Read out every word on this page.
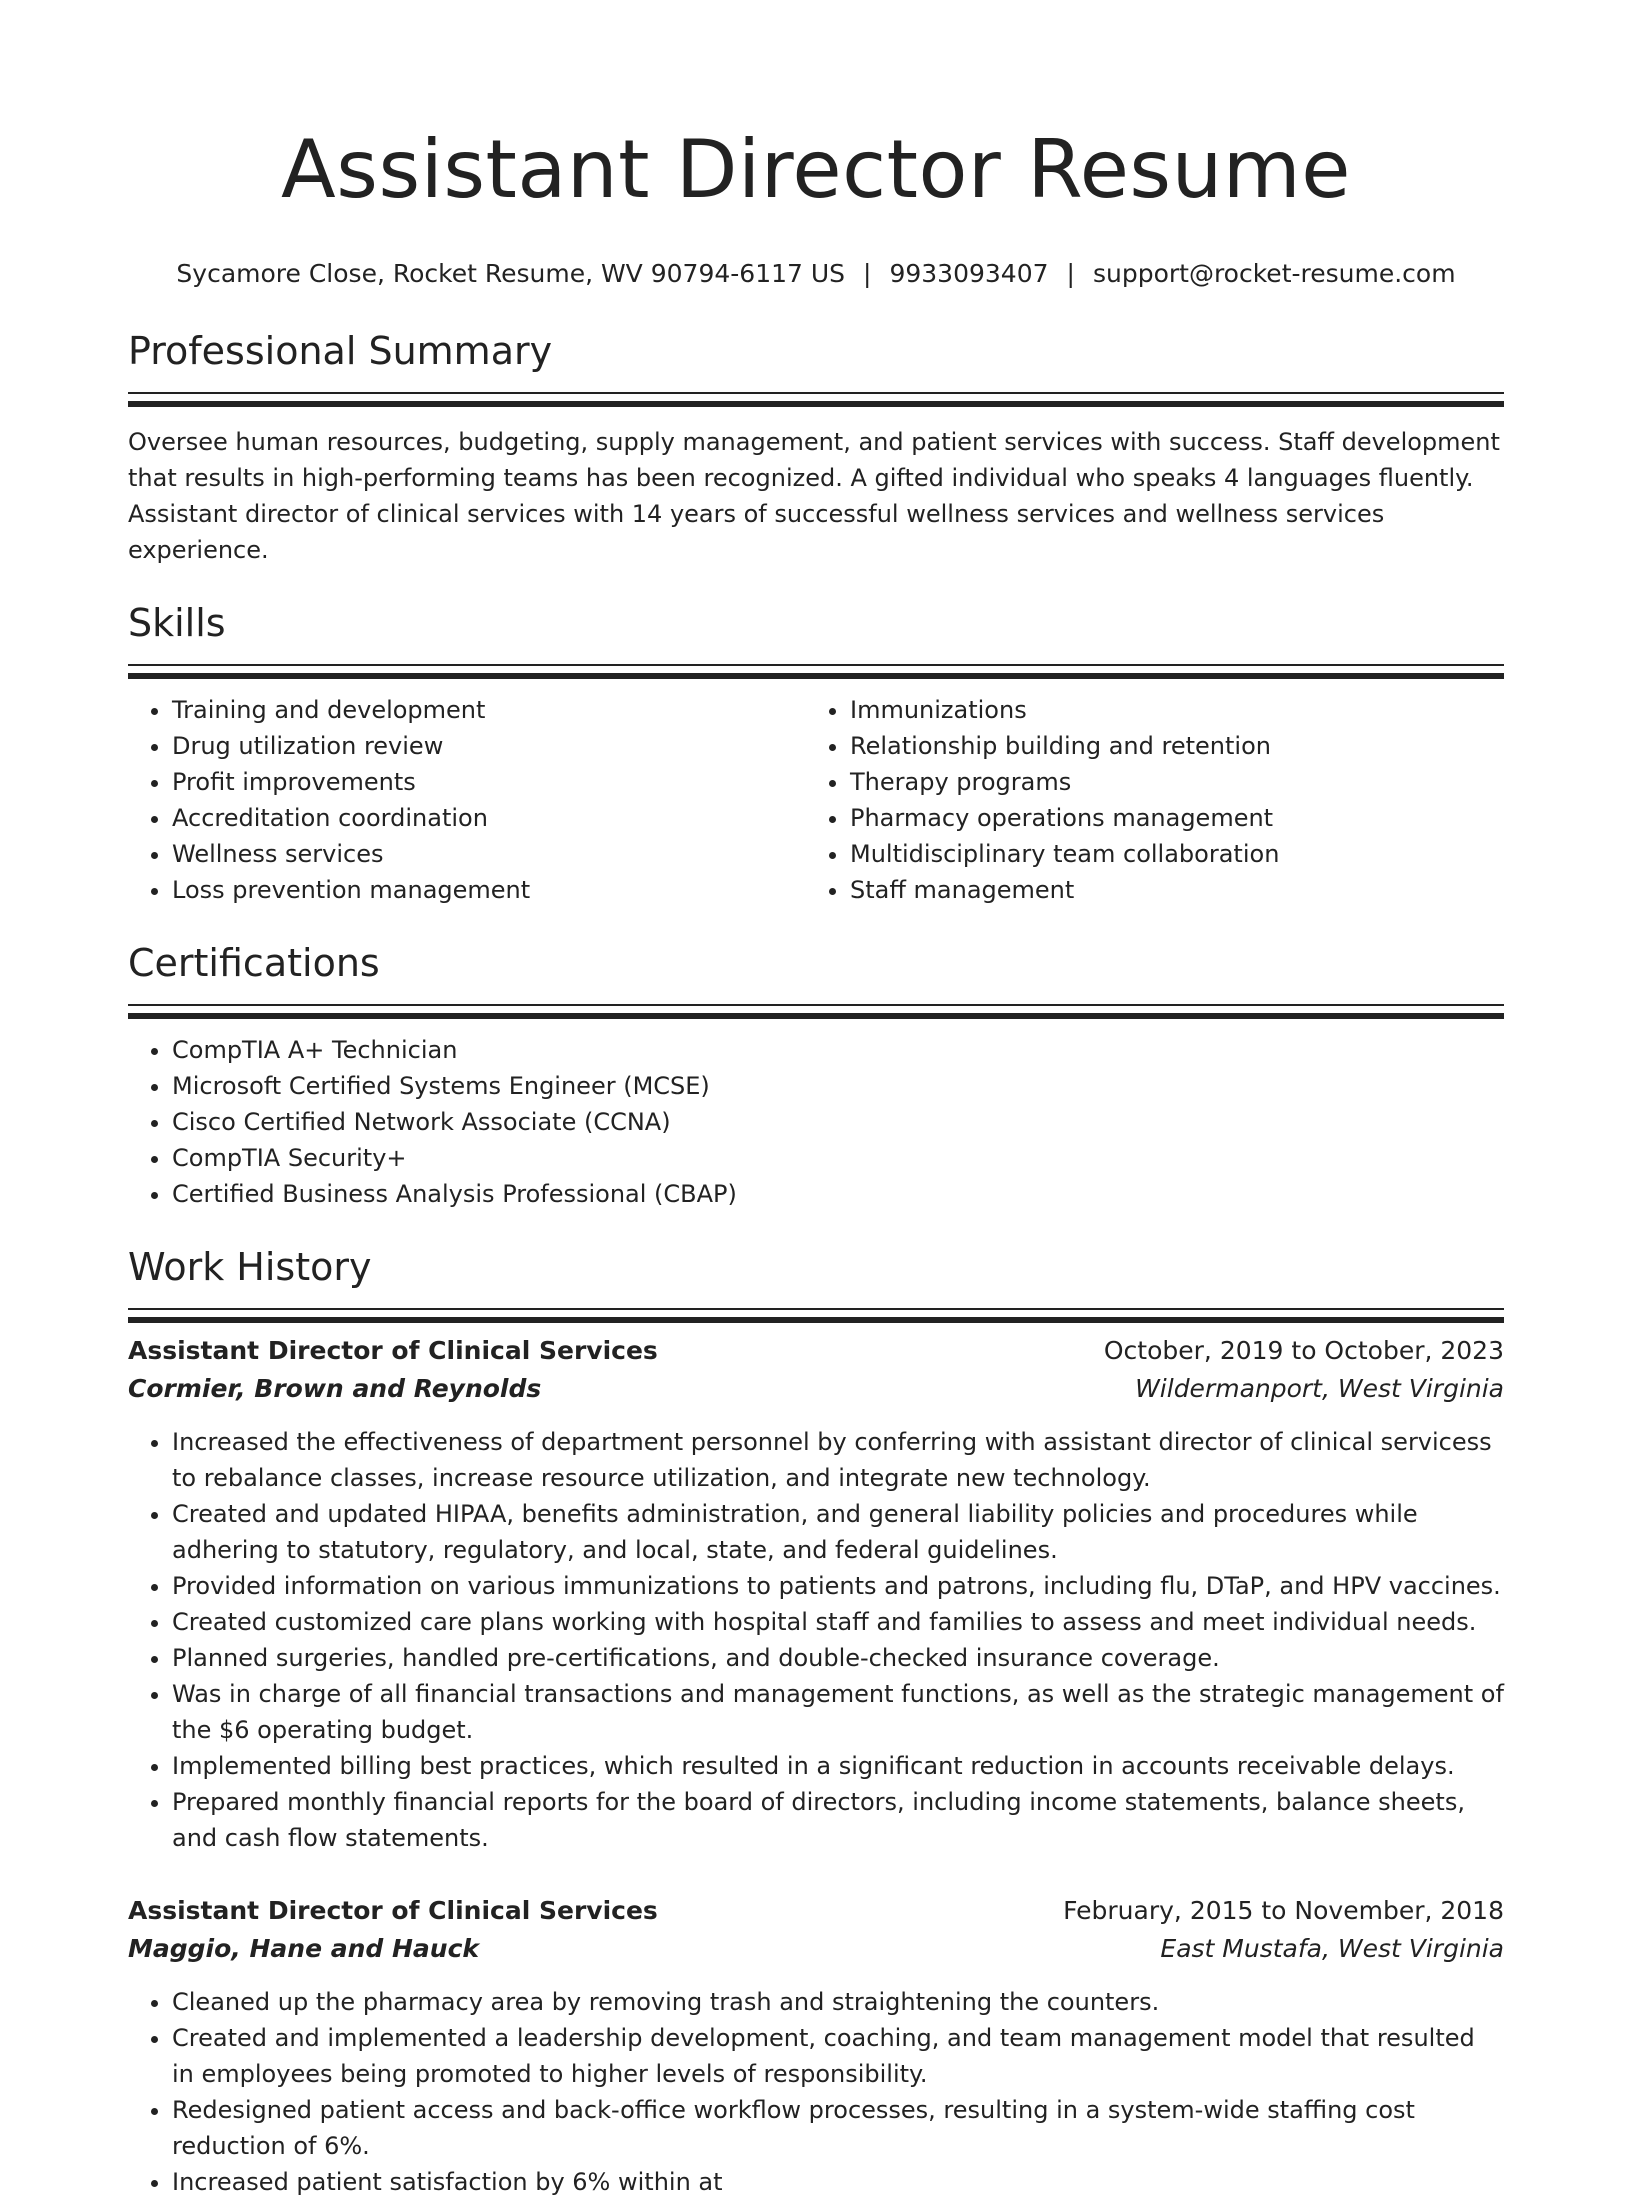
Assistant Director Resume
Sycamore Close, Rocket Resume, WV 90794-6117 US | 9933093407 | support@rocket-resume.com
Professional Summary
Oversee human resources, budgeting, supply management, and patient services with success. Staff development that results in high-performing teams has been recognized. A gifted individual who speaks 4 languages fluently. Assistant director of clinical services with 14 years of successful wellness services and wellness services experience.
Skills
• Training and development
• Drug utilization review
• Profit improvements
• Accreditation coordination
• Wellness services
• Loss prevention management
• Immunizations
• Relationship building and retention
• Therapy programs
• Pharmacy operations management
• Multidisciplinary team collaboration
• Staff management
Certifications
• CompTIA A+ Technician
• Microsoft Certified Systems Engineer (MCSE)
• Cisco Certified Network Associate (CCNA)
• CompTIA Security+
• Certified Business Analysis Professional (CBAP)
Work History
Assistant Director of Clinical Services	October, 2019 to October, 2023
Cormier, Brown and Reynolds	Wildermanport, West Virginia
• Increased the effectiveness of department personnel by conferring with assistant director of clinical servicess to rebalance classes, increase resource utilization, and integrate new technology.
• Created and updated HIPAA, benefits administration, and general liability policies and procedures while adhering to statutory, regulatory, and local, state, and federal guidelines.
• Provided information on various immunizations to patients and patrons, including flu, DTaP, and HPV vaccines.
• Created customized care plans working with hospital staff and families to assess and meet individual needs.
• Planned surgeries, handled pre-certifications, and double-checked insurance coverage.
• Was in charge of all financial transactions and management functions, as well as the strategic management of the $6 operating budget.
• Implemented billing best practices, which resulted in a significant reduction in accounts receivable delays.
• Prepared monthly financial reports for the board of directors, including income statements, balance sheets, and cash flow statements.
Assistant Director of Clinical Services	February, 2015 to November, 2018
Maggio, Hane and Hauck	East Mustafa, West Virginia
• Cleaned up the pharmacy area by removing trash and straightening the counters.
• Created and implemented a leadership development, coaching, and team management model that resulted in employees being promoted to higher levels of responsibility.
• Redesigned patient access and back-office workflow processes, resulting in a system-wide staffing cost reduction of 6%.
• Increased patient satisfaction by 6% within at
